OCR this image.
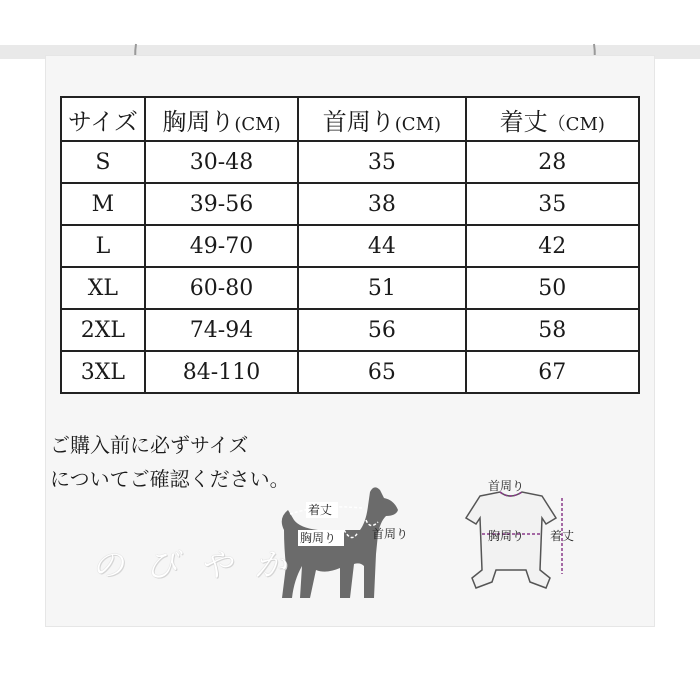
サイズ	胸周り(CM)	首周り(CM)	着丈（CM)
S	30-48	35	28
M	39-56	38	35
L	49-70	44	42
XL	60-80	51	50
2XL	74-94	56	58
3XL	84-110	65	67

ご購入前に必ずサイズ
についてご確認ください。

着丈
胸周り	首周り
首周り
胸周り 着丈
のびやか
